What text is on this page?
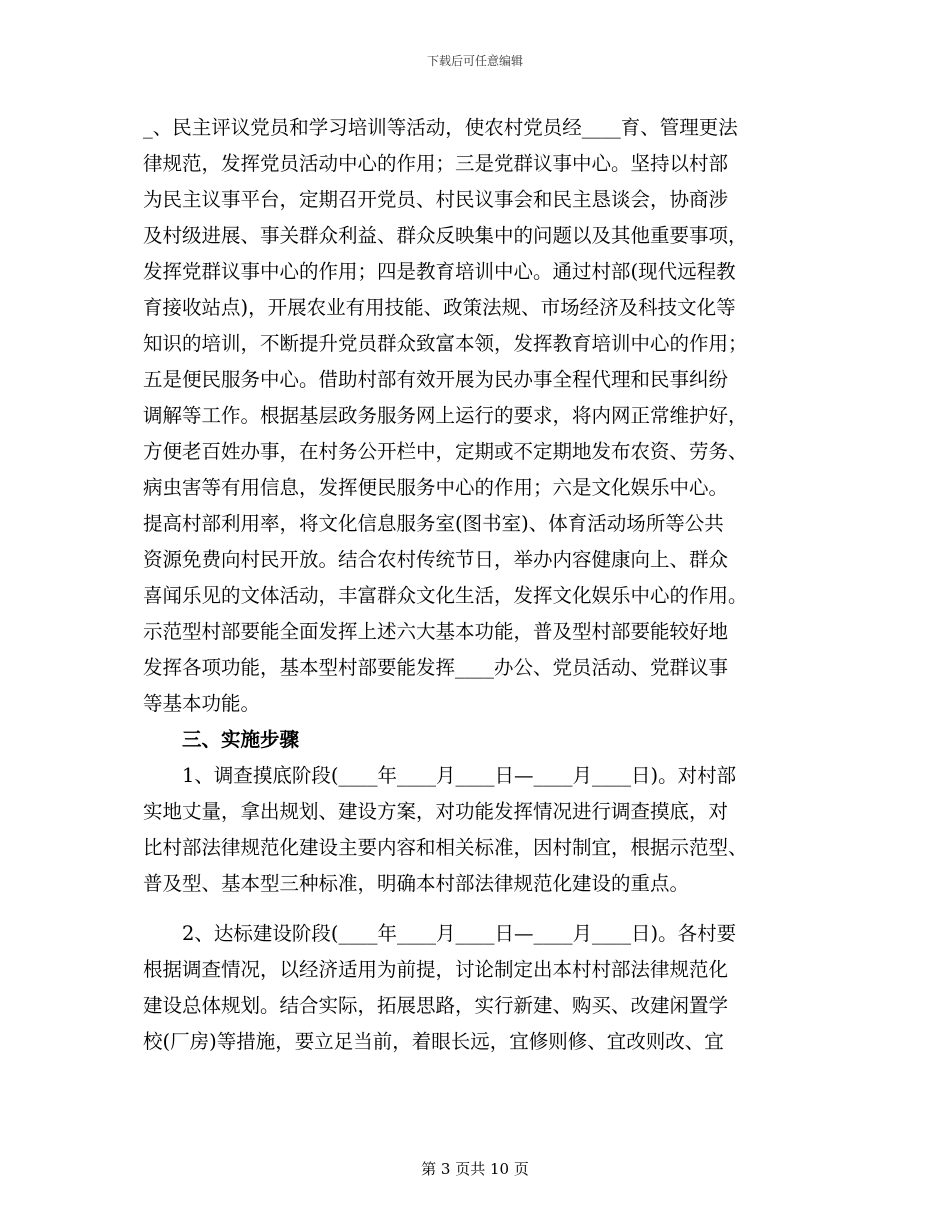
下载后可任意编辑
_、民主评议党员和学习培训等活动，使农村党员经____育、管理更法
律规范，发挥党员活动中心的作用；三是党群议事中心。坚持以村部
为民主议事平台，定期召开党员、村民议事会和民主恳谈会，协商涉
及村级进展、事关群众利益、群众反映集中的问题以及其他重要事项，
发挥党群议事中心的作用；四是教育培训中心。通过村部(现代远程教
育接收站点)，开展农业有用技能、政策法规、市场经济及科技文化等
知识的培训，不断提升党员群众致富本领，发挥教育培训中心的作用；
五是便民服务中心。借助村部有效开展为民办事全程代理和民事纠纷
调解等工作。根据基层政务服务网上运行的要求，将内网正常维护好，
方便老百姓办事，在村务公开栏中，定期或不定期地发布农资、劳务、
病虫害等有用信息，发挥便民服务中心的作用；六是文化娱乐中心。
提高村部利用率，将文化信息服务室(图书室)、体育活动场所等公共
资源免费向村民开放。结合农村传统节日，举办内容健康向上、群众
喜闻乐见的文体活动，丰富群众文化生活，发挥文化娱乐中心的作用。
示范型村部要能全面发挥上述六大基本功能，普及型村部要能较好地
发挥各项功能，基本型村部要能发挥____办公、党员活动、党群议事
等基本功能。
三、实施步骤
1、调查摸底阶段(____年____月____日—____月____日)。对村部
实地丈量，拿出规划、建设方案，对功能发挥情况进行调查摸底，对
比村部法律规范化建设主要内容和相关标准，因村制宜，根据示范型、
普及型、基本型三种标准，明确本村部法律规范化建设的重点。
2、达标建设阶段(____年____月____日—____月____日)。各村要
根据调查情况，以经济适用为前提，讨论制定出本村村部法律规范化
建设总体规划。结合实际，拓展思路，实行新建、购买、改建闲置学
校(厂房)等措施，要立足当前，着眼长远，宜修则修、宜改则改、宜
第 3 页共 10 页
